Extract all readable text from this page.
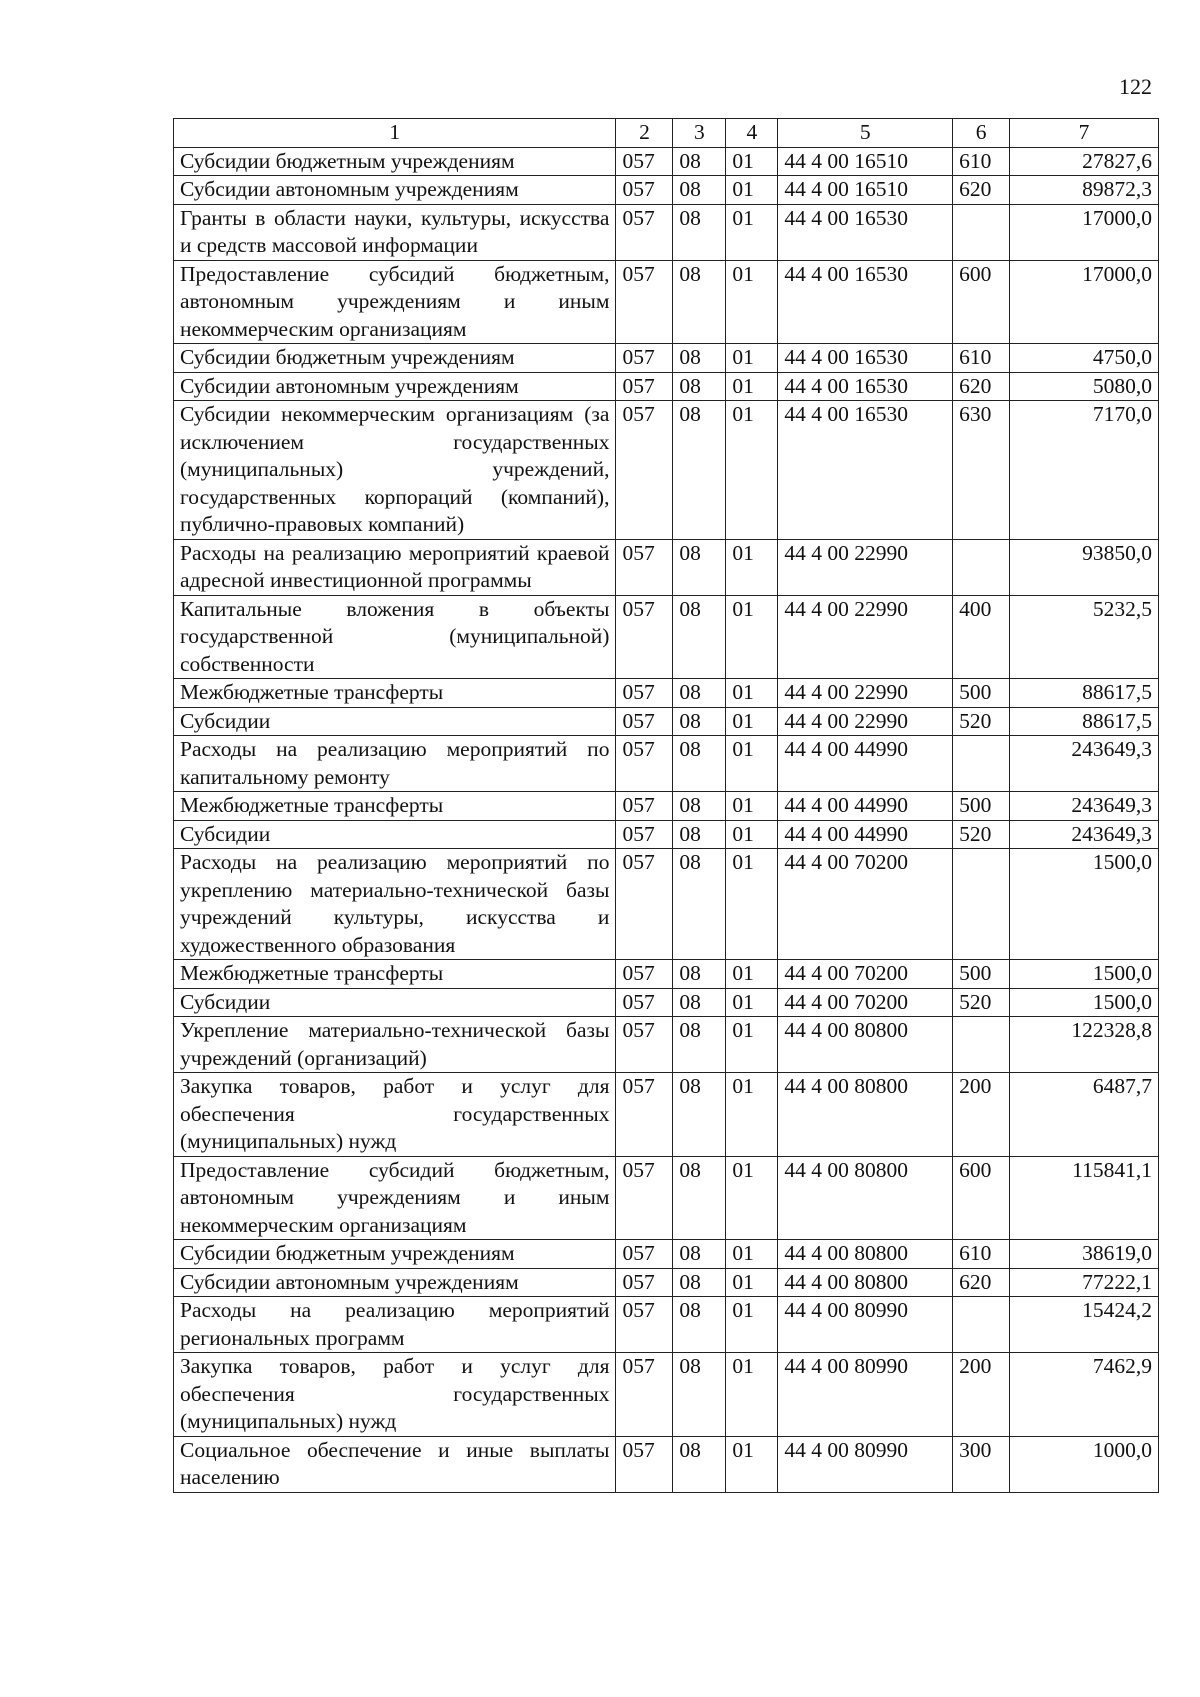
122
1	2	3	4	5	6	7
Субсидии бюджетным учреждениям	057	08	01	44 4 00 16510	610	27827,6
Субсидии автономным учреждениям	057	08	01	44 4 00 16510	620	89872,3
Гранты в области науки, культуры, искусства и средств массовой информации	057	08	01	44 4 00 16530		17000,0
Предоставление субсидий бюджетным, автономным учреждениям и иным некоммерческим организациям	057	08	01	44 4 00 16530	600	17000,0
Субсидии бюджетным учреждениям	057	08	01	44 4 00 16530	610	4750,0
Субсидии автономным учреждениям	057	08	01	44 4 00 16530	620	5080,0
Субсидии некоммерческим организациям (за исключением государственных (муниципальных) учреждений, государственных корпораций (компаний), публично-правовых компаний)	057	08	01	44 4 00 16530	630	7170,0
Расходы на реализацию мероприятий краевой адресной инвестиционной программы	057	08	01	44 4 00 22990		93850,0
Капитальные вложения в объекты государственной (муниципальной) собственности	057	08	01	44 4 00 22990	400	5232,5
Межбюджетные трансферты	057	08	01	44 4 00 22990	500	88617,5
Субсидии	057	08	01	44 4 00 22990	520	88617,5
Расходы на реализацию мероприятий по капитальному ремонту	057	08	01	44 4 00 44990		243649,3
Межбюджетные трансферты	057	08	01	44 4 00 44990	500	243649,3
Субсидии	057	08	01	44 4 00 44990	520	243649,3
Расходы на реализацию мероприятий по укреплению материально-технической базы учреждений культуры, искусства и художественного образования	057	08	01	44 4 00 70200		1500,0
Межбюджетные трансферты	057	08	01	44 4 00 70200	500	1500,0
Субсидии	057	08	01	44 4 00 70200	520	1500,0
Укрепление материально-технической базы учреждений (организаций)	057	08	01	44 4 00 80800		122328,8
Закупка товаров, работ и услуг для обеспечения государственных (муниципальных) нужд	057	08	01	44 4 00 80800	200	6487,7
Предоставление субсидий бюджетным, автономным учреждениям и иным некоммерческим организациям	057	08	01	44 4 00 80800	600	115841,1
Субсидии бюджетным учреждениям	057	08	01	44 4 00 80800	610	38619,0
Субсидии автономным учреждениям	057	08	01	44 4 00 80800	620	77222,1
Расходы на реализацию мероприятий региональных программ	057	08	01	44 4 00 80990		15424,2
Закупка товаров, работ и услуг для обеспечения государственных (муниципальных) нужд	057	08	01	44 4 00 80990	200	7462,9
Социальное обеспечение и иные выплаты населению	057	08	01	44 4 00 80990	300	1000,0
